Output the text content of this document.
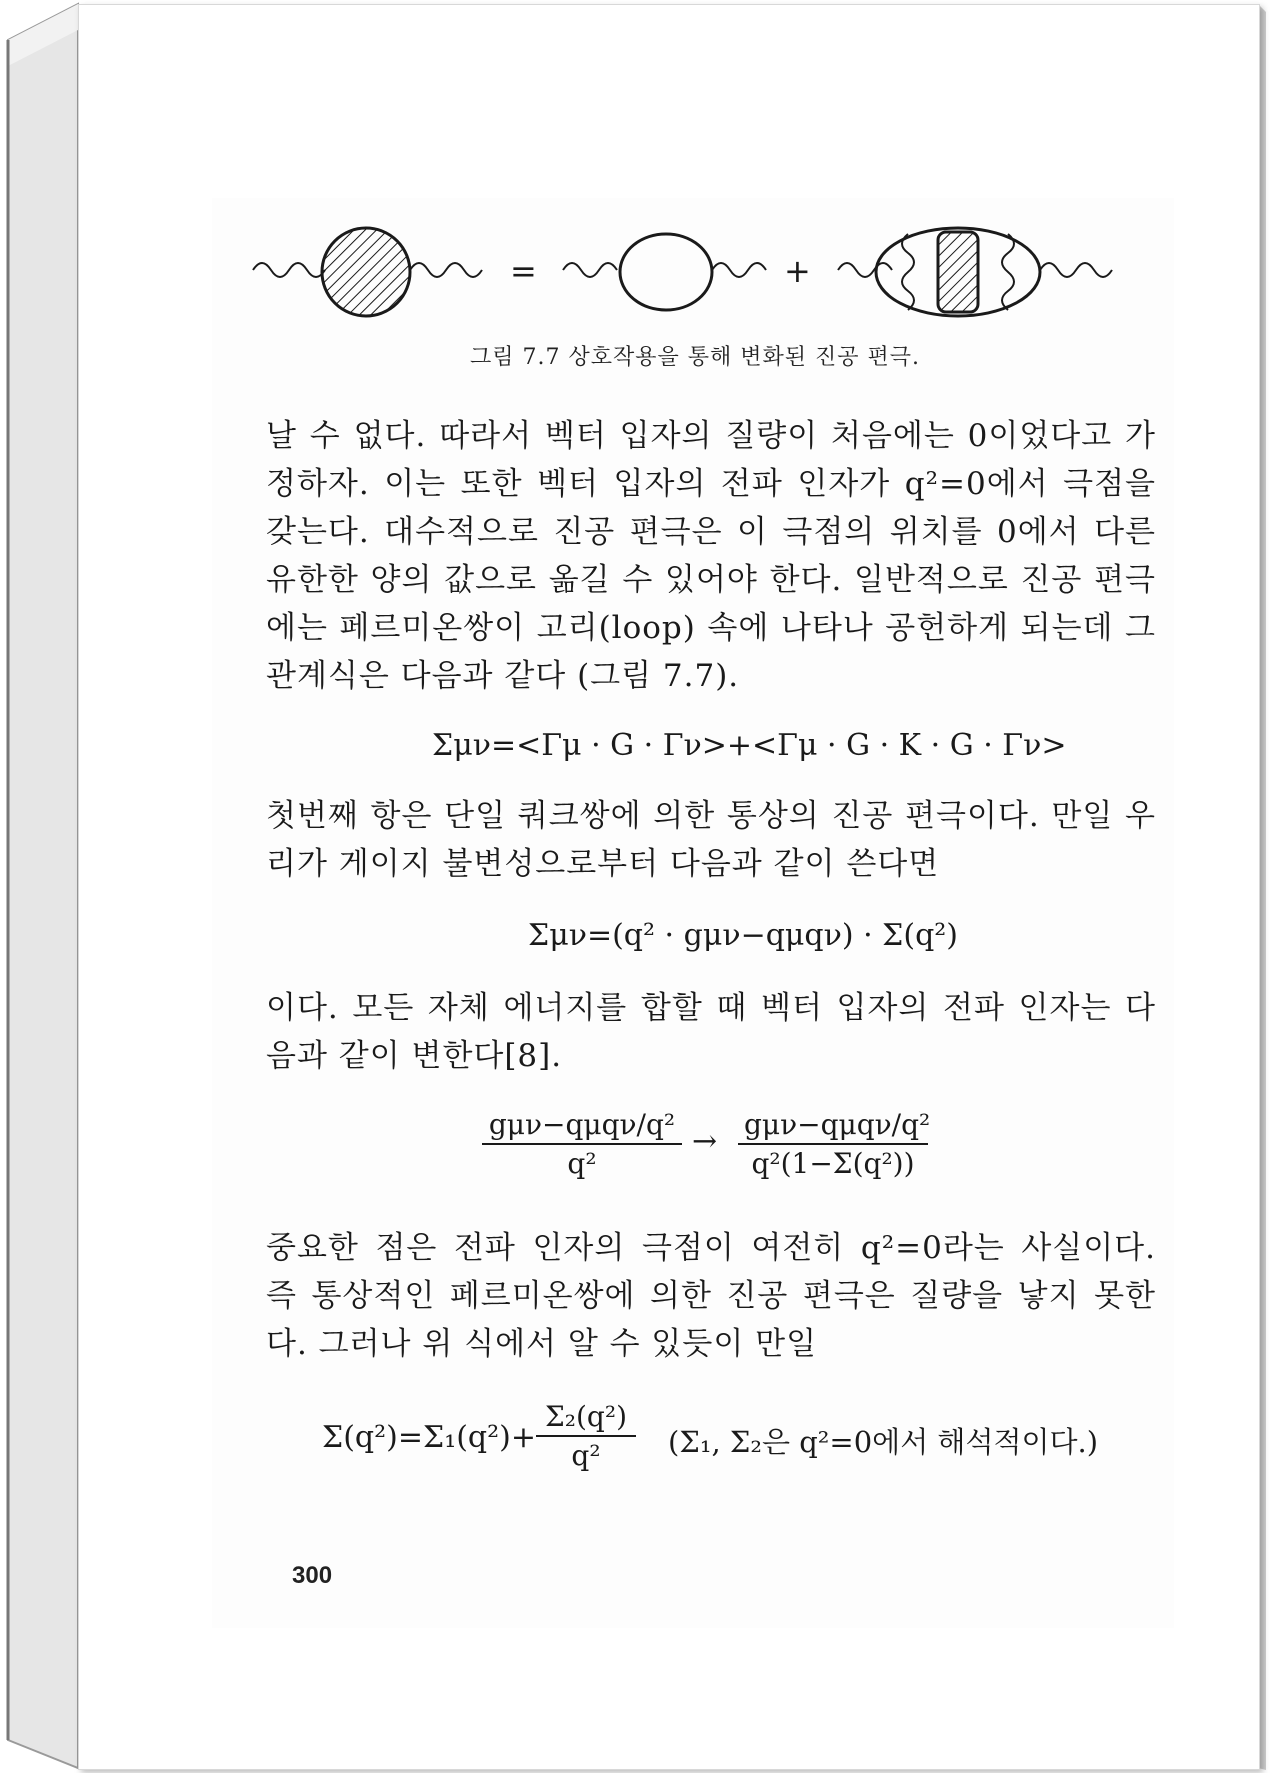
=	+
그림 7.7 상호작용을 통해 변화된 진공 편극.
날 수 없다. 따라서 벡터 입자의 질량이 처음에는 0이었다고 가정하자. 이는 또한 벡터 입자의 전파 인자가 q²=0에서 극점을 갖는다. 대수적으로 진공 편극은 이 극점의 위치를 0에서 다른 유한한 양의 값으로 옮길 수 있어야 한다. 일반적으로 진공 편극에는 페르미온쌍이 고리(loop) 속에 나타나 공헌하게 되는데 그 관계식은 다음과 같다 (그림 7.7).
Σμν=<Γμ · G · Γν>+<Γμ · G · K · G · Γν>
첫번째 항은 단일 쿼크쌍에 의한 통상의 진공 편극이다. 만일 우리가 게이지 불변성으로부터 다음과 같이 쓴다면
Σμν=(q² · gμν−qμqν) · Σ(q²)
이다. 모든 자체 에너지를 합할 때 벡터 입자의 전파 인자는 다음과 같이 변한다[8].
gμν−qμqν/q²
q²
→ gμν−qμqν/q²
q²(1−Σ(q²))
중요한 점은 전파 인자의 극점이 여전히 q²=0라는 사실이다. 즉 통상적인 페르미온쌍에 의한 진공 편극은 질량을 낳지 못한다. 그러나 위 식에서 알 수 있듯이 만일
$\Sigma(q^2)=\Sigma_1(q^2)+ \frac{\text{Σ₂(q²)}}{\text{q²}} (\Sigma_1$, Σ₂은 q²=0에서 해석적이다.)
300
